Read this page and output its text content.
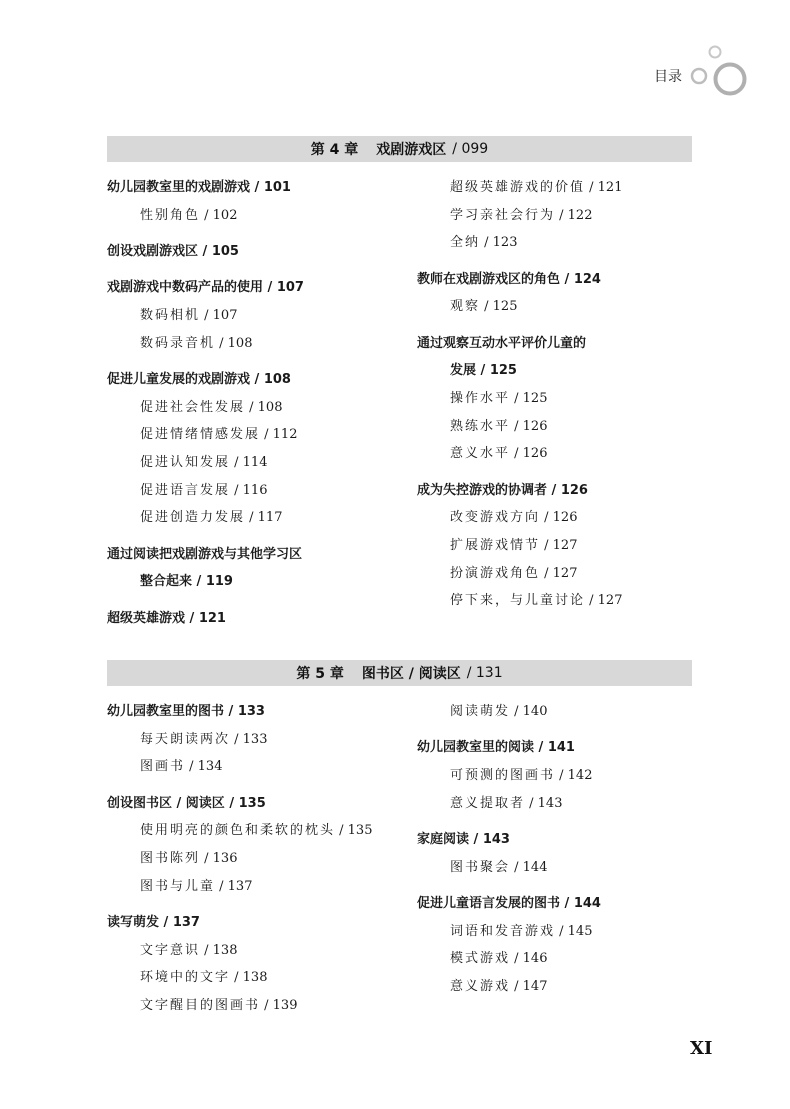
目录
第 4 章 戏剧游戏区 / 099
幼儿园教室里的戏剧游戏 / 101
性别角色 / 102
创设戏剧游戏区 / 105
戏剧游戏中数码产品的使用 / 107
数码相机 / 107
数码录音机 / 108
促进儿童发展的戏剧游戏 / 108
促进社会性发展 / 108
促进情绪情感发展 / 112
促进认知发展 / 114
促进语言发展 / 116
促进创造力发展 / 117
通过阅读把戏剧游戏与其他学习区
整合起来 / 119
超级英雄游戏 / 121
超级英雄游戏的价值 / 121
学习亲社会行为 / 122
全纳 / 123
教师在戏剧游戏区的角色 / 124
观察 / 125
通过观察互动水平评价儿童的
发展 / 125
操作水平 / 125
熟练水平 / 126
意义水平 / 126
成为失控游戏的协调者 / 126
改变游戏方向 / 126
扩展游戏情节 / 127
扮演游戏角色 / 127
停下来，与儿童讨论 / 127
第 5 章 图书区 / 阅读区 / 131
幼儿园教室里的图书 / 133
每天朗读两次 / 133
图画书 / 134
创设图书区 / 阅读区 / 135
使用明亮的颜色和柔软的枕头 / 135
图书陈列 / 136
图书与儿童 / 137
读写萌发 / 137
文字意识 / 138
环境中的文字 / 138
文字醒目的图画书 / 139
阅读萌发 / 140
幼儿园教室里的阅读 / 141
可预测的图画书 / 142
意义提取者 / 143
家庭阅读 / 143
图书聚会 / 144
促进儿童语言发展的图书 / 144
词语和发音游戏 / 145
模式游戏 / 146
意义游戏 / 147
XI
